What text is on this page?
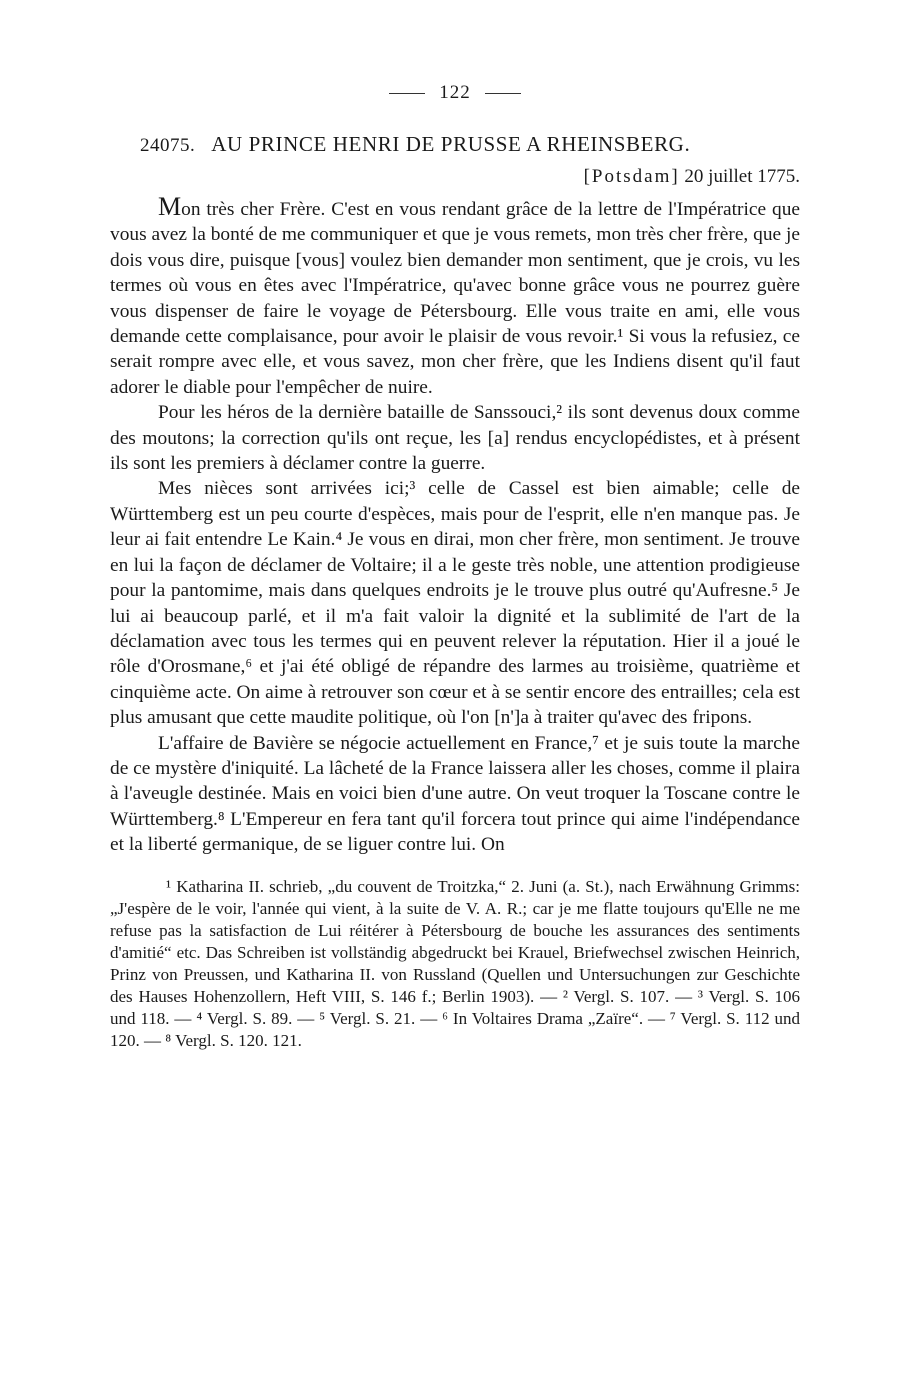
122
24075. AU PRINCE HENRI DE PRUSSE A RHEINSBERG.
[Potsdam] 20 juillet 1775.

Mon très cher Frère. C'est en vous rendant grâce de la lettre de l'Impératrice que vous avez la bonté de me communiquer et que je vous remets, mon très cher frère, que je dois vous dire, puisque [vous] voulez bien demander mon sentiment, que je crois, vu les termes où vous en êtes avec l'Impératrice, qu'avec bonne grâce vous ne pourrez guère vous dispenser de faire le voyage de Pétersbourg. Elle vous traite en ami, elle vous demande cette complaisance, pour avoir le plaisir de vous revoir.¹ Si vous la refusiez, ce serait rompre avec elle, et vous savez, mon cher frère, que les Indiens disent qu'il faut adorer le diable pour l'empêcher de nuire.

Pour les héros de la dernière bataille de Sanssouci,² ils sont devenus doux comme des moutons; la correction qu'ils ont reçue, les [a] rendus encyclopédistes, et à présent ils sont les premiers à déclamer contre la guerre.

Mes nièces sont arrivées ici;³ celle de Cassel est bien aimable; celle de Württemberg est un peu courte d'espèces, mais pour de l'esprit, elle n'en manque pas. Je leur ai fait entendre Le Kain.⁴ Je vous en dirai, mon cher frère, mon sentiment. Je trouve en lui la façon de déclamer de Voltaire; il a le geste très noble, une attention prodigieuse pour la pantomime, mais dans quelques endroits je le trouve plus outré qu'Aufresne.⁵ Je lui ai beaucoup parlé, et il m'a fait valoir la dignité et la sublimité de l'art de la déclamation avec tous les termes qui en peuvent relever la réputation. Hier il a joué le rôle d'Orosmane,⁶ et j'ai été obligé de répandre des larmes au troisième, quatrième et cinquième acte. On aime à retrouver son cœur et à se sentir encore des entrailles; cela est plus amusant que cette maudite politique, où l'on [n']a à traiter qu'avec des fripons.

L'affaire de Bavière se négocie actuellement en France,⁷ et je suis toute la marche de ce mystère d'iniquité. La lâcheté de la France laissera aller les choses, comme il plaira à l'aveugle destinée. Mais en voici bien d'une autre. On veut troquer la Toscane contre le Württemberg.⁸ L'Empereur en fera tant qu'il forcera tout prince qui aime l'indépendance et la liberté germanique, de se liguer contre lui. On

¹ Katharina II. schrieb, „du couvent de Troitzka,“ 2. Juni (a. St.), nach Erwähnung Grimms: „J'espère de le voir, l'année qui vient, à la suite de V. A. R.; car je me flatte toujours qu'Elle ne me refuse pas la satisfaction de Lui réitérer à Pétersbourg de bouche les assurances des sentiments d'amitié“ etc. Das Schreiben ist vollständig abgedruckt bei Krauel, Briefwechsel zwischen Heinrich, Prinz von Preussen, und Katharina II. von Russland (Quellen und Untersuchungen zur Geschichte des Hauses Hohenzollern, Heft VIII, S. 146 f.; Berlin 1903). — ² Vergl. S. 107. — ³ Vergl. S. 106 und 118. — ⁴ Vergl. S. 89. — ⁵ Vergl. S. 21. — ⁶ In Voltaires Drama „Zaïre“. — ⁷ Vergl. S. 112 und 120. — ⁸ Vergl. S. 120. 121.
